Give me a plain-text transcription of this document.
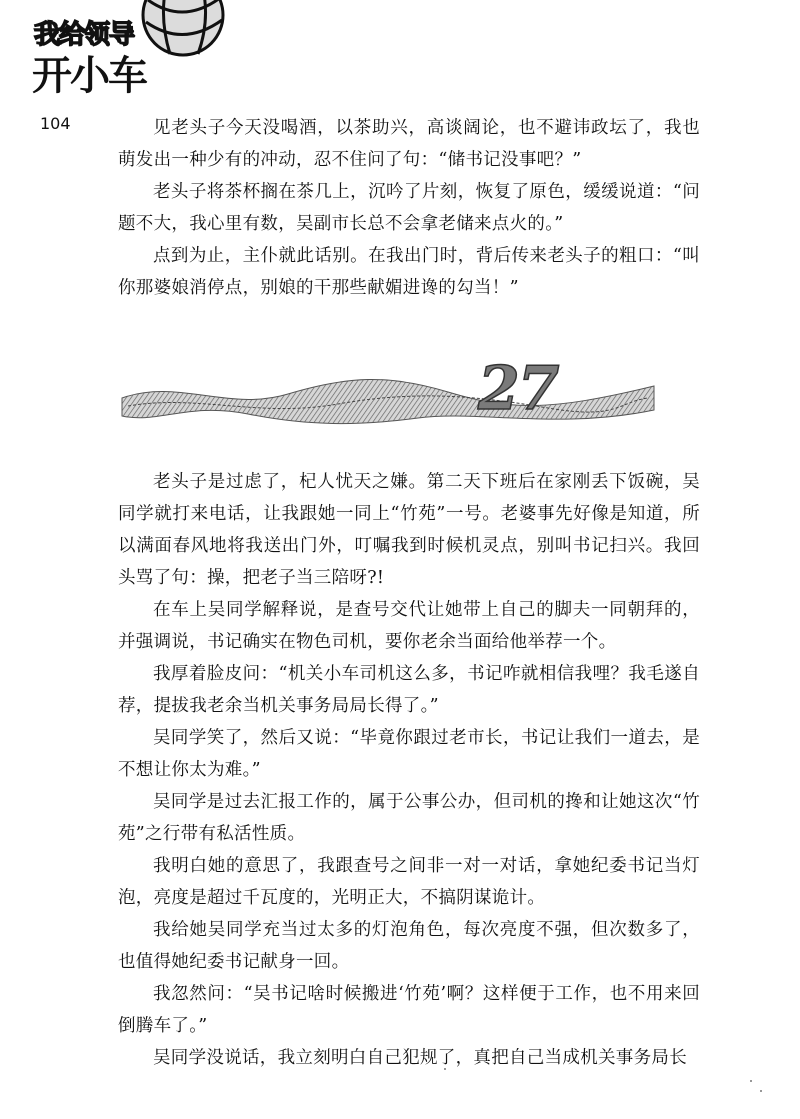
我给领导
开小车
104	见老头子今天没喝酒，以茶助兴，高谈阔论，也不避讳政坛了，我也萌发出一种少有的冲动，忍不住问了句：“储书记没事吧？”

老头子将茶杯搁在茶几上，沉吟了片刻，恢复了原色，缓缓说道：“问题不大，我心里有数，吴副市长总不会拿老储来点火的。”

点到为止，主仆就此话别。在我出门时，背后传来老头子的粗口：“叫你那婆娘消停点，别娘的干那些献媚进谗的勾当！”

27

老头子是过虑了，杞人忧天之嫌。第二天下班后在家刚丢下饭碗，吴同学就打来电话，让我跟她一同上“竹苑”一号。老婆事先好像是知道，所以满面春风地将我送出门外，叮嘱我到时候机灵点，别叫书记扫兴。我回头骂了句：操，把老子当三陪呀?!

在车上吴同学解释说，是查号交代让她带上自己的脚夫一同朝拜的，并强调说，书记确实在物色司机，要你老余当面给他举荐一个。

我厚着脸皮问：“机关小车司机这么多，书记咋就相信我哩？我毛遂自荐，提拔我老余当机关事务局局长得了。”

吴同学笑了，然后又说：“毕竟你跟过老市长，书记让我们一道去，是不想让你太为难。”

吴同学是过去汇报工作的，属于公事公办，但司机的搀和让她这次“竹苑”之行带有私活性质。

我明白她的意思了，我跟查号之间非一对一对话，拿她纪委书记当灯泡，亮度是超过千瓦度的，光明正大，不搞阴谋诡计。

我给她吴同学充当过太多的灯泡角色，每次亮度不强，但次数多了，也值得她纪委书记献身一回。

我忽然问：“吴书记啥时候搬进‘竹苑’啊？这样便于工作，也不用来回倒腾车了。”

吴同学没说话，我立刻明白自己犯规了，真把自己当成机关事务局长
